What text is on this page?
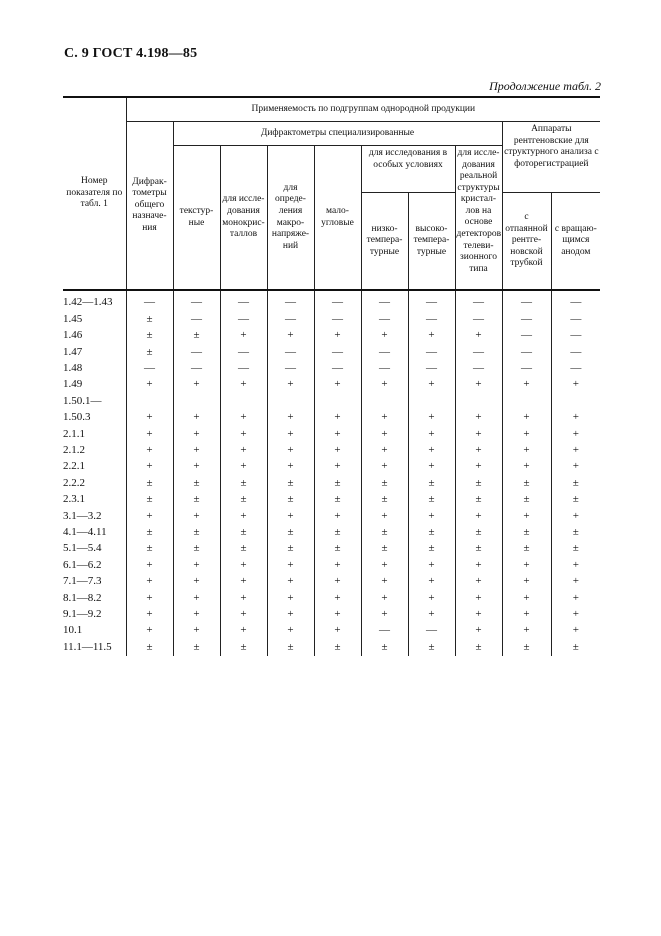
С. 9 ГОСТ 4.198—85
Продолжение табл. 2
Номер показателя по табл. 1	Применяемость по подгруппам однородной продукции									
	Дифрак-тометры общего назначе-ния	Дифрактометры специализированные							Аппараты рентгеновские для структурного анализа с фоторегистрацией	
		текстур-ные	для иссле-дования монокрис-таллов	для опреде-ления макро-напряже-ний	мало-угловые	для исследования в особых условиях		для иссле-дования реальной структуры кристал-лов на основе детекторов телеви-зионного типа		
						низко-темпера-турные	высоко-темпера-турные		с отпаянной рентге-новской трубкой	с вращаю-щимся анодом
1.42—1.43	—	—	—	—	—	—	—	—	—	—
1.45	±	—	—	—	—	—	—	—	—	—
1.46	±	±	+	+	+	+	+	+	—	—
1.47	±	—	—	—	—	—	—	—	—	—
1.48	—	—	—	—	—	—	—	—	—	—
1.49	+	+	+	+	+	+	+	+	+	+
1.50.1—										
1.50.3	+	+	+	+	+	+	+	+	+	+
2.1.1	+	+	+	+	+	+	+	+	+	+
2.1.2	+	+	+	+	+	+	+	+	+	+
2.2.1	+	+	+	+	+	+	+	+	+	+
2.2.2	±	±	±	±	±	±	±	±	±	±
2.3.1	±	±	±	±	±	±	±	±	±	±
3.1—3.2	+	+	+	+	+	+	+	+	+	+
4.1—4.11	±	±	±	±	±	±	±	±	±	±
5.1—5.4	±	±	±	±	±	±	±	±	±	±
6.1—6.2	+	+	+	+	+	+	+	+	+	+
7.1—7.3	+	+	+	+	+	+	+	+	+	+
8.1—8.2	+	+	+	+	+	+	+	+	+	+
9.1—9.2	+	+	+	+	+	+	+	+	+	+
10.1	+	+	+	+	+	—	—	+	+	+
11.1—11.5	±	±	±	±	±	±	±	±	±	±
